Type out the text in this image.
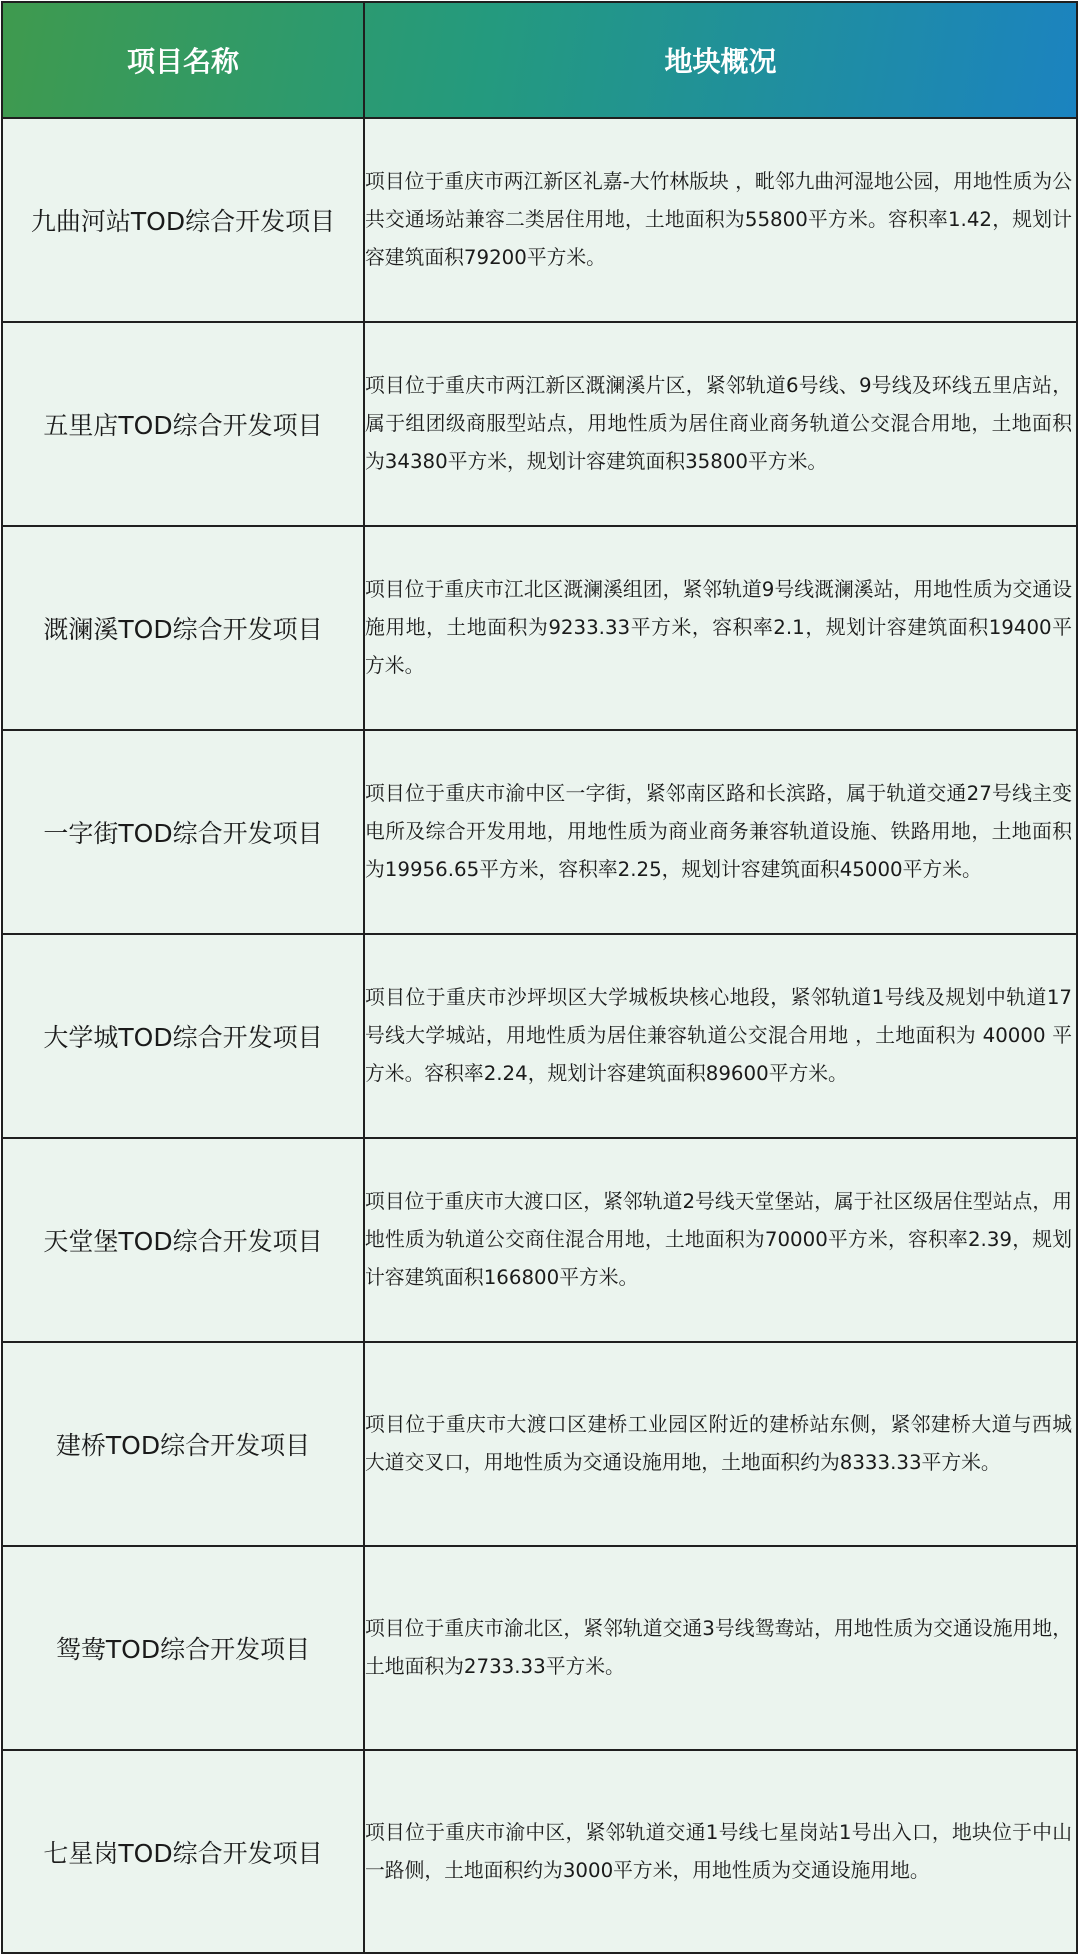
项目名称	地块概况
九曲河站TOD综合开发项目
项目位于重庆市两江新区礼嘉-大竹林版块 ，毗邻九曲河湿地公园，用地性质为公共交通场站兼容二类居住用地，土地面积为55800平方米。容积率1.42，规划计容建筑面积79200平方米。
五里店TOD综合开发项目
项目位于重庆市两江新区溉澜溪片区，紧邻轨道6号线、9号线及环线五里店站，属于组团级商服型站点，用地性质为居住商业商务轨道公交混合用地，土地面积为34380平方米，规划计容建筑面积35800平方米。
溉澜溪TOD综合开发项目
项目位于重庆市江北区溉澜溪组团，紧邻轨道9号线溉澜溪站，用地性质为交通设施用地，土地面积为9233.33平方米，容积率2.1，规划计容建筑面积19400平方米。
一字街TOD综合开发项目
项目位于重庆市渝中区一字街，紧邻南区路和长滨路，属于轨道交通27号线主变电所及综合开发用地，用地性质为商业商务兼容轨道设施、铁路用地，土地面积为19956.65平方米，容积率2.25，规划计容建筑面积45000平方米。
大学城TOD综合开发项目
项目位于重庆市沙坪坝区大学城板块核心地段，紧邻轨道1号线及规划中轨道17号线大学城站，用地性质为居住兼容轨道公交混合用地 ，土地面积为 40000 平方米。容积率2.24，规划计容建筑面积89600平方米。
天堂堡TOD综合开发项目
项目位于重庆市大渡口区，紧邻轨道2号线天堂堡站，属于社区级居住型站点，用地性质为轨道公交商住混合用地，土地面积为70000平方米，容积率2.39，规划计容建筑面积166800平方米。
建桥TOD综合开发项目
项目位于重庆市大渡口区建桥工业园区附近的建桥站东侧，紧邻建桥大道与西城大道交叉口，用地性质为交通设施用地，土地面积约为8333.33平方米。
鸳鸯TOD综合开发项目
项目位于重庆市渝北区，紧邻轨道交通3号线鸳鸯站，用地性质为交通设施用地，土地面积为2733.33平方米。
七星岗TOD综合开发项目
项目位于重庆市渝中区，紧邻轨道交通1号线七星岗站1号出入口，地块位于中山一路侧，土地面积约为3000平方米，用地性质为交通设施用地。
